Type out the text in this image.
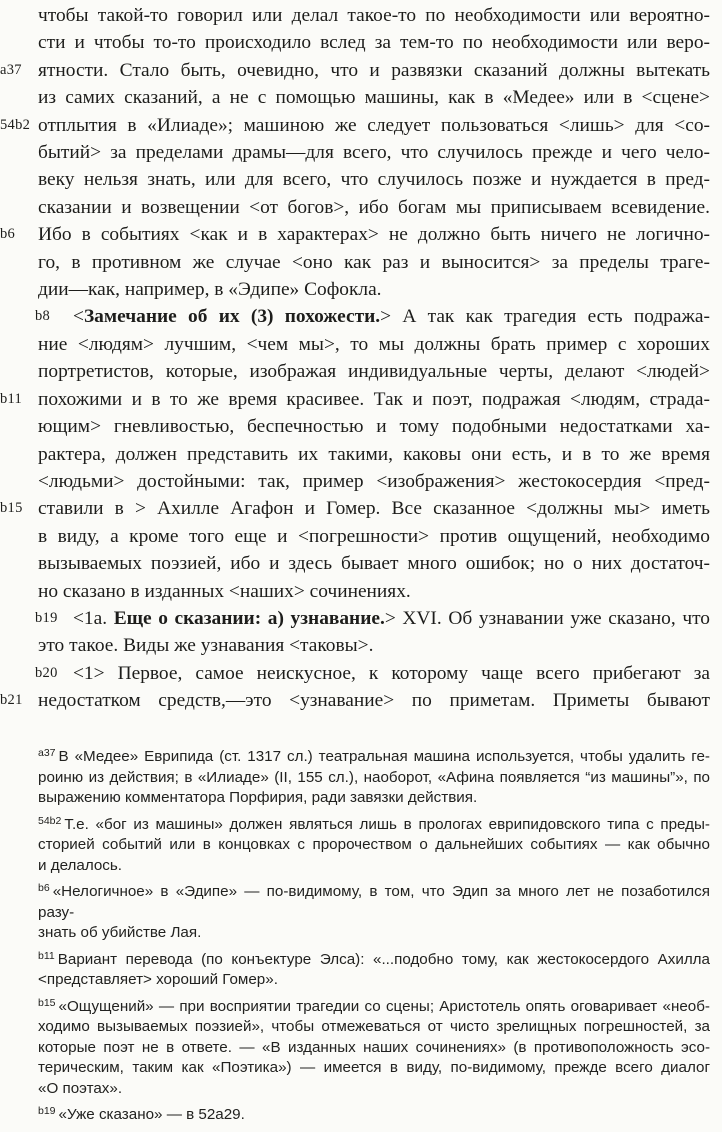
чтобы такой-то говорил или делал такое-то по необходимости или вероятно-
сти и чтобы то-то происходило вслед за тем-то по необходимости или веро-
a37 ятности. Стало быть, очевидно, что и развязки сказаний должны вытекать
из самих сказаний, а не с помощью машины, как в «Медее» или в <сцене>
54b2 отплытия в «Илиаде»; машиною же следует пользоваться <лишь> для <со-
бытий> за пределами драмы—для всего, что случилось прежде и чего чело-
веку нельзя знать, или для всего, что случилось позже и нуждается в пред-
сказании и возвещении <от богов>, ибо богам мы приписываем всевидение.
b6	Ибо в событиях <как и в характерах> не должно быть ничего не логично-
го, в противном же случае <оно как раз и выносится> за пределы траге-
дии—как, например, в «Эдипе» Софокла.
b8 <Замечание об их (3) похожести.> А так как трагедия есть подража-
ние <людям> лучшим, <чем мы>, то мы должны брать пример с хороших
портретистов, которые, изображая индивидуальные черты, делают <людей>
b11 похожими и в то же время красивее. Так и поэт, подражая <людям, страда-
ющим> гневливостью, беспечностью и тому подобными недостатками ха-
рактера, должен представить их такими, каковы они есть, и в то же время
<людьми> достойными: так, пример <изображения> жестокосердия <пред-
b15 ставили в > Ахилле Агафон и Гомер. Все сказанное <должны мы> иметь
в виду, а кроме того еще и <погрешности> против ощущений, необходимо
вызываемых поэзией, ибо и здесь бывает много ошибок; но о них достаточ-
но сказано в изданных <наших> сочинениях.
b19 <1а. Еще о сказании: а) узнавание.> XVI. Об узнавании уже сказано, что
это такое. Виды же узнавания <таковы>.
b20 <1> Первое, самое неискусное, к которому чаще всего прибегают за
b21 недостатком средств,—это <узнавание> по приметам. Приметы бывают
a37 В «Медее» Еврипида (ст. 1317 сл.) театральная машина используется, чтобы удалить ге-
роиню из действия; в «Илиаде» (II, 155 сл.), наоборот, «Афина появляется “из машины”», по
выражению комментатора Порфирия, ради завязки действия.
54b2 Т.е. «бог из машины» должен являться лишь в прологах еврипидовского типа с преды-
сторией событий или в концовках с пророчеством о дальнейших событиях — как обычно
и делалось.
b6 «Нелогичное» в «Эдипе» — по-видимому, в том, что Эдип за много лет не позаботился разу-
знать об убийстве Лая.
b11 Вариант перевода (по конъектуре Элса): «...подобно тому, как жестокосердого Ахилла
<представляет> хороший Гомер».
b15 «Ощущений» — при восприятии трагедии со сцены; Аристотель опять оговаривает «необ-
ходимо вызываемых поэзией», чтобы отмежеваться от чисто зрелищных погрешностей, за
которые поэт не в ответе. — «В изданных наших сочинениях» (в противоположность эсо-
терическим, таким как «Поэтика») — имеется в виду, по-видимому, прежде всего диалог
«О поэтах».
b19 «Уже сказано» — в 52а29.
